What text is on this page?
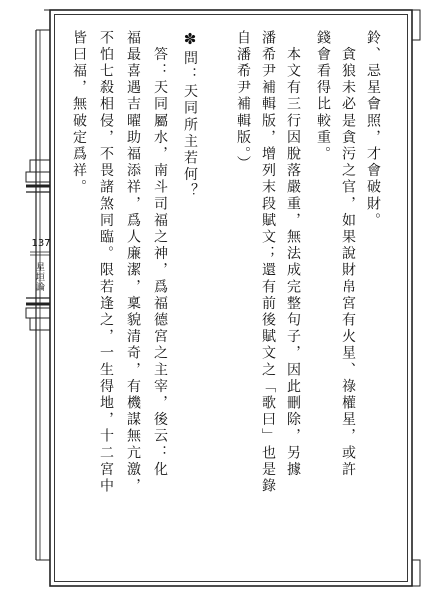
鈴、忌星會照，才會破財。

　貪狼未必是貪污之官，如果說財帛宮有火星、祿權星，或許

錢會看得比較重。

　本文有三行因脫落嚴重，無法成完整句子，因此刪除，另據

潘希尹補輯版，增列末段賦文；還有前後賦文之「歌曰」也是錄

自潘希尹補輯版。）

✽問：天同所主若何？

　答：天同屬水，南斗司福之神，爲福德宮之主宰，後云：化

福最喜遇吉曜助福添祥，爲人廉潔，稟貌清奇，有機謀無亢激，

不怕七殺相侵，不畏諸煞同臨。限若逢之，一生得地，十二宮中

皆曰福，無破定爲祥。

137
星垣論
